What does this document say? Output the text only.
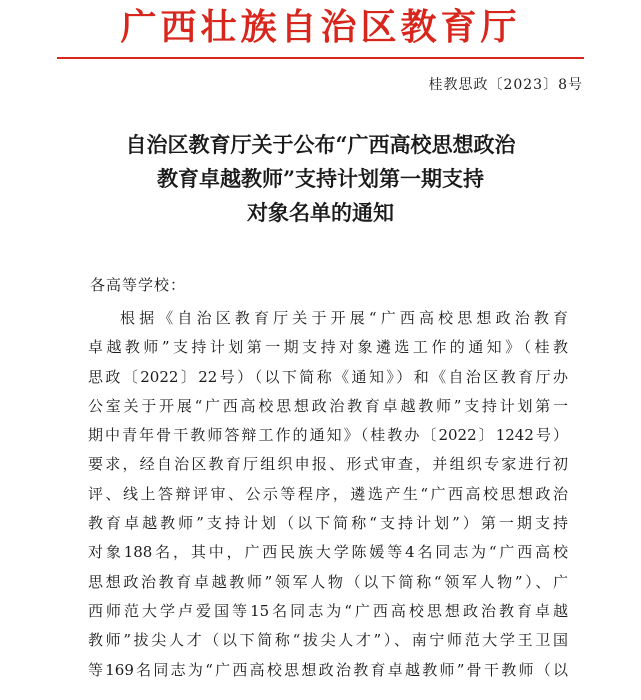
广西壮族自治区教育厅
桂教思政〔2023〕8号
自治区教育厅关于公布“广西高校思想政治
教育卓越教师”支持计划第一期支持
对象名单的通知
各高等学校：
根据《自治区教育厅关于开展“广西高校思想政治教育
卓越教师”支持计划第一期支持对象遴选工作的通知》（桂教
思政〔2022〕22号）（以下简称《通知》）和《自治区教育厅办
公室关于开展“广西高校思想政治教育卓越教师”支持计划第一
期中青年骨干教师答辩工作的通知》（桂教办〔2022〕1242号）
要求，经自治区教育厅组织申报、形式审查，并组织专家进行初
评、线上答辩评审、公示等程序，遴选产生“广西高校思想政治
教育卓越教师”支持计划（以下简称“支持计划”）第一期支持
对象188名，其中，广西民族大学陈媛等4名同志为“广西高校
思想政治教育卓越教师”领军人物（以下简称“领军人物”）、广
西师范大学卢爱国等15名同志为“广西高校思想政治教育卓越
教师”拔尖人才（以下简称“拔尖人才”）、南宁师范大学王卫国
等169名同志为“广西高校思想政治教育卓越教师”骨干教师（以
